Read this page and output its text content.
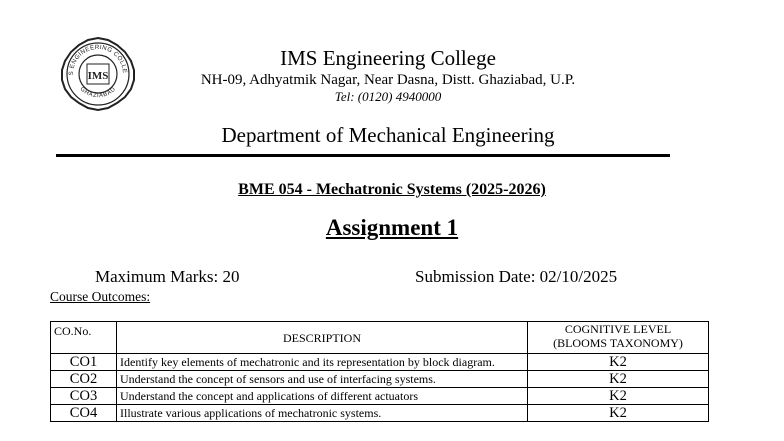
S ENGINEERING COLLE
GHAZIABAD
IMS
IMS Engineering College
NH-09, Adhyatmik Nagar, Near Dasna, Distt. Ghaziabad, U.P.
Tel: (0120) 4940000
Department of Mechanical Engineering
BME 054 - Mechatronic Systems (2025-2026)
Assignment 1
Maximum Marks: 20	Submission Date: 02/10/2025
Course Outcomes:
CO.No.	DESCRIPTION	COGNITIVE LEVEL
(BLOOMS TAXONOMY)

CO1	Identify key elements of mechatronic and its representation by block diagram.	K2
CO2	Understand the concept of sensors and use of interfacing systems.	K2
CO3	Understand the concept and applications of different actuators	K2
CO4	Illustrate various applications of mechatronic systems.	K2
